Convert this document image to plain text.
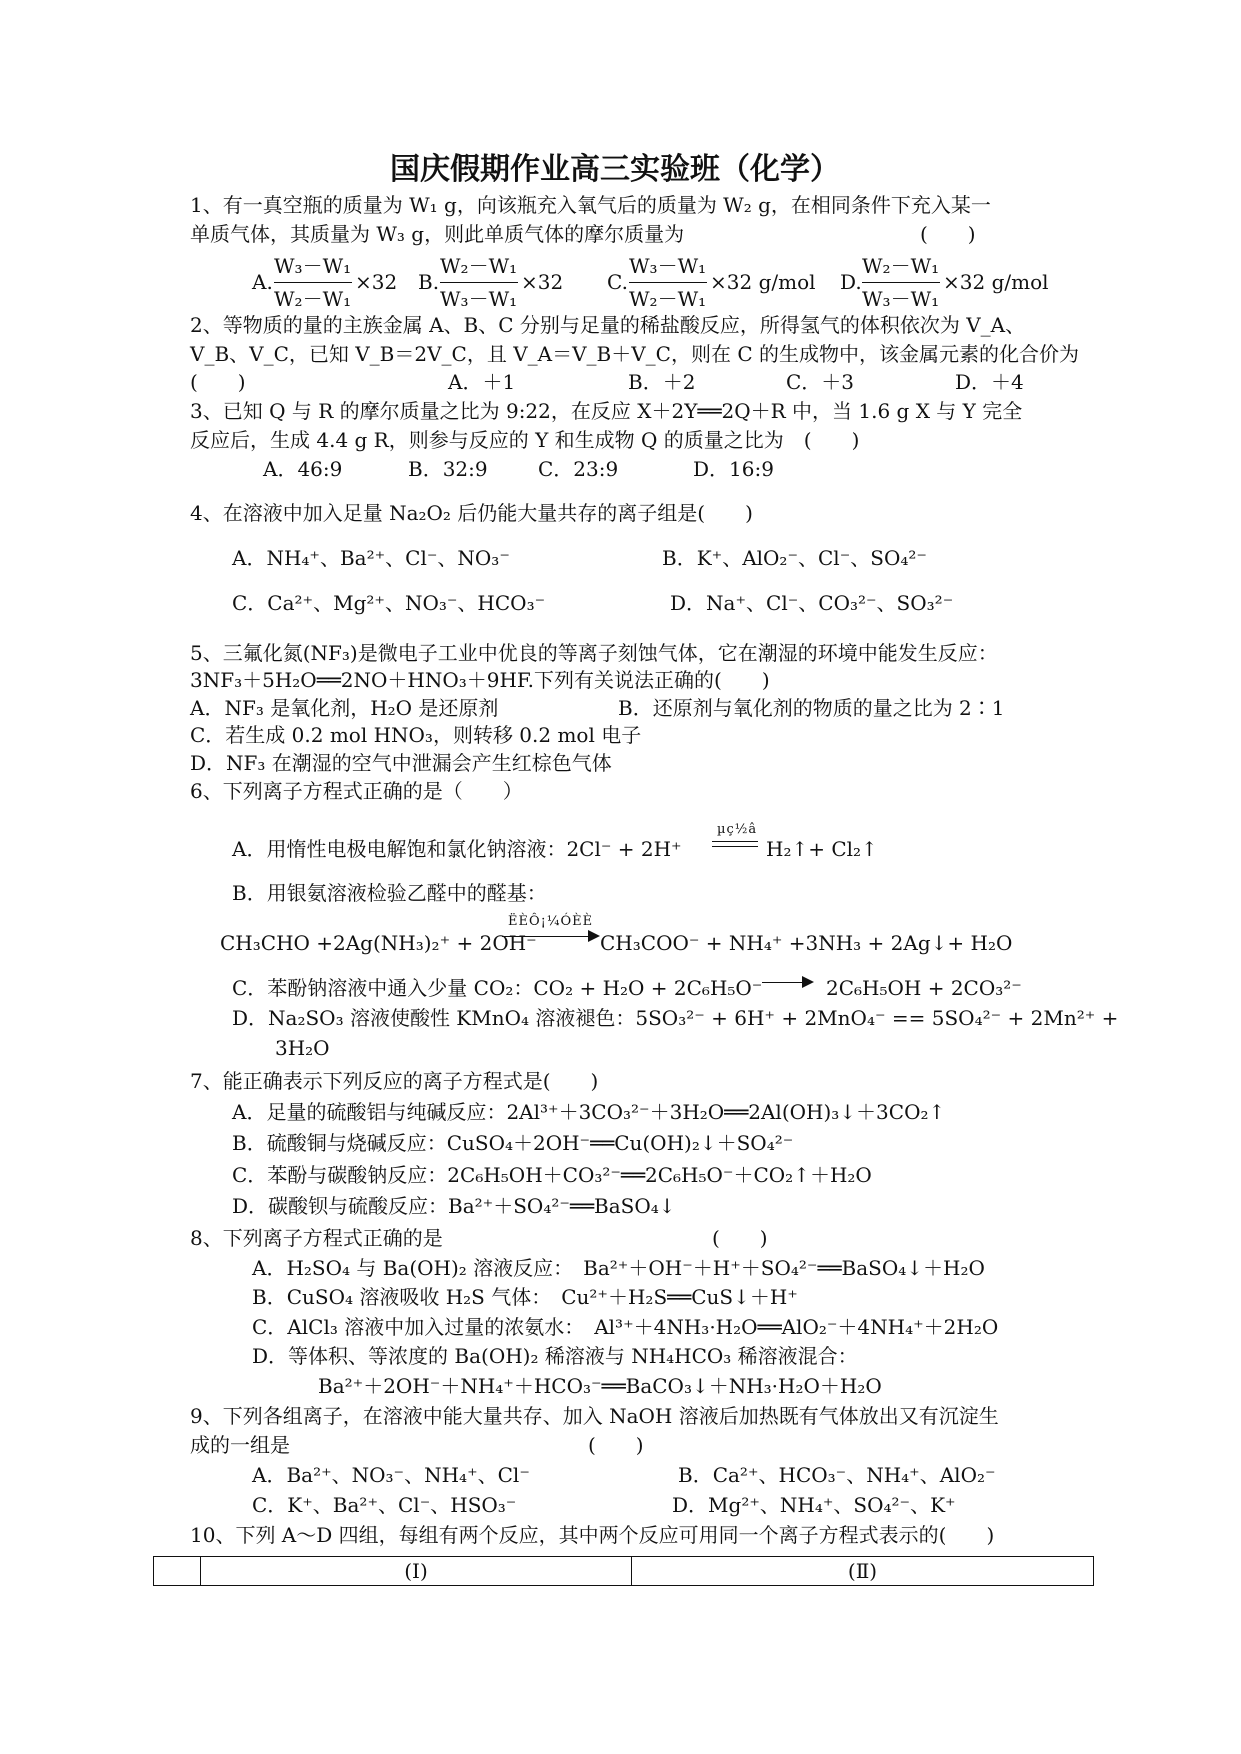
国庆假期作业高三实验班（化学）
1、有一真空瓶的质量为 W₁ g，向该瓶充入氧气后的质量为 W₂ g，在相同条件下充入某一
单质气体，其质量为 W₃ g，则此单质气体的摩尔质量为	(　　)
A.
W₃－W₁
W₂－W₁
×32 B.
W₂－W₁
W₃－W₁
×32 C.
W₃－W₁
W₂－W₁
×32 g/mol D.
W₂－W₁
W₃－W₁
×32 g/mol
2、等物质的量的主族金属 A、B、C 分别与足量的稀盐酸反应，所得氢气的体积依次为 V_A、
V_B、V_C，已知 V_B＝2V_C，且 V_A＝V_B＋V_C，则在 C 的生成物中，该金属元素的化合价为
(　　)	A．＋1	B．＋2	C．＋3	D．＋4
3、已知 Q 与 R 的摩尔质量之比为 9:22，在反应 X＋2Y══2Q＋R 中，当 1.6 g X 与 Y 完全
反应后，生成 4.4 g R，则参与反应的 Y 和生成物 Q 的质量之比为　(　　)
A．46:9	B．32:9	C．23:9	D．16:9
4、在溶液中加入足量 Na₂O₂ 后仍能大量共存的离子组是(　　)
A．NH₄⁺、Ba²⁺、Cl⁻、NO₃⁻	B．K⁺、AlO₂⁻、Cl⁻、SO₄²⁻
C．Ca²⁺、Mg²⁺、NO₃⁻、HCO₃⁻	D．Na⁺、Cl⁻、CO₃²⁻、SO₃²⁻
5、三氟化氮(NF₃)是微电子工业中优良的等离子刻蚀气体，它在潮湿的环境中能发生反应：
3NF₃＋5H₂O══2NO＋HNO₃＋9HF.下列有关说法正确的(　　)
A．NF₃ 是氧化剂，H₂O 是还原剂	B．还原剂与氧化剂的物质的量之比为 2∶1
C．若生成 0.2 mol HNO₃，则转移 0.2 mol 电子
D．NF₃ 在潮湿的空气中泄漏会产生红棕色气体
6、下列离子方程式正确的是（　　）
A．用惰性电极电解饱和氯化钠溶液：2Cl⁻ + 2H⁺
µç½â
H₂↑+ Cl₂↑
B．用银氨溶液检验乙醛中的醛基：
CH₃CHO +2Ag(NH₃)₂⁺ + 2OH⁻
ËÈÔ¡¼ÓÈÈ
CH₃COO⁻ + NH₄⁺ +3NH₃ + 2Ag↓+ H₂O
C．苯酚钠溶液中通入少量 CO₂：CO₂ + H₂O + 2C₆H₅O⁻	2C₆H₅OH + 2CO₃²⁻
D．Na₂SO₃ 溶液使酸性 KMnO₄ 溶液褪色：5SO₃²⁻ + 6H⁺ + 2MnO₄⁻ == 5SO₄²⁻ + 2Mn²⁺ +
3H₂O
7、能正确表示下列反应的离子方程式是(　　)
A．足量的硫酸铝与纯碱反应：2Al³⁺＋3CO₃²⁻＋3H₂O══2Al(OH)₃↓＋3CO₂↑
B．硫酸铜与烧碱反应：CuSO₄＋2OH⁻══Cu(OH)₂↓＋SO₄²⁻
C．苯酚与碳酸钠反应：2C₆H₅OH＋CO₃²⁻══2C₆H₅O⁻＋CO₂↑＋H₂O
D．碳酸钡与硫酸反应：Ba²⁺＋SO₄²⁻══BaSO₄↓
8、下列离子方程式正确的是	(　　)
A．H₂SO₄ 与 Ba(OH)₂ 溶液反应：　Ba²⁺＋OH⁻＋H⁺＋SO₄²⁻══BaSO₄↓＋H₂O
B．CuSO₄ 溶液吸收 H₂S 气体：　Cu²⁺＋H₂S══CuS↓＋H⁺
C．AlCl₃ 溶液中加入过量的浓氨水：　Al³⁺＋4NH₃·H₂O══AlO₂⁻＋4NH₄⁺＋2H₂O
D．等体积、等浓度的 Ba(OH)₂ 稀溶液与 NH₄HCO₃ 稀溶液混合：
Ba²⁺＋2OH⁻＋NH₄⁺＋HCO₃⁻══BaCO₃↓＋NH₃·H₂O＋H₂O
9、下列各组离子，在溶液中能大量共存、加入 NaOH 溶液后加热既有气体放出又有沉淀生
成的一组是	(　　)
A．Ba²⁺、NO₃⁻、NH₄⁺、Cl⁻	B．Ca²⁺、HCO₃⁻、NH₄⁺、AlO₂⁻
C．K⁺、Ba²⁺、Cl⁻、HSO₃⁻	D．Mg²⁺、NH₄⁺、SO₄²⁻、K⁺
10、下列 A～D 四组，每组有两个反应，其中两个反应可用同一个离子方程式表示的(　　)
	(Ⅰ)	(Ⅱ)
